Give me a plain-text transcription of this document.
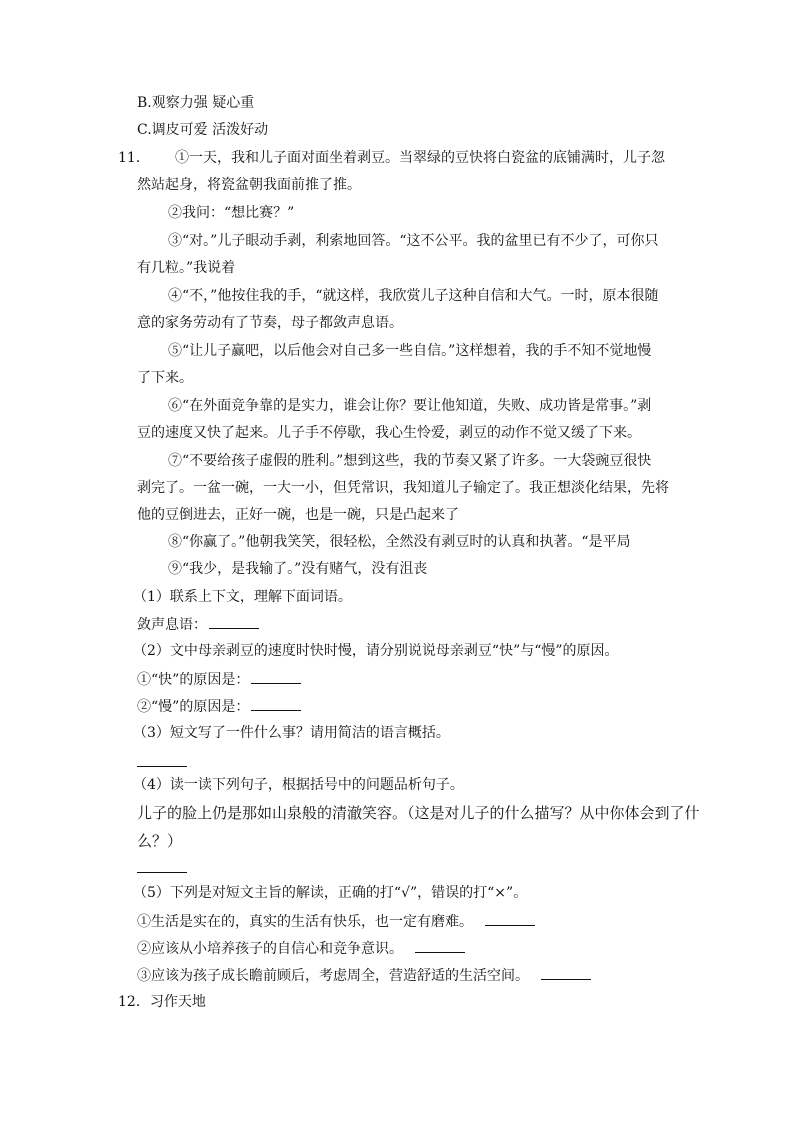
B.观察力强 疑心重
C.调皮可爱 活泼好动
11． ①一天，我和儿子面对面坐着剥豆。当翠绿的豆快将白瓷盆的底铺满时，儿子忽
然站起身，将瓷盆朝我面前推了推。
②我问：“想比赛？”
③“对。”儿子眼动手剥，利索地回答。“这不公平。我的盆里已有不少了，可你只
有几粒。”我说着
④“不，”他按住我的手，“就这样，我欣赏儿子这种自信和大气。一时，原本很随
意的家务劳动有了节奏，母子都敛声息语。
⑤“让儿子赢吧，以后他会对自己多一些自信。”这样想着，我的手不知不觉地慢
了下来。
⑥“在外面竞争靠的是实力，谁会让你？要让他知道，失败、成功皆是常事。”剥
豆的速度又快了起来。儿子手不停歇，我心生怜爱，剥豆的动作不觉又缓了下来。
⑦“不要给孩子虚假的胜利。”想到这些，我的节奏又紧了许多。一大袋豌豆很快
剥完了。一盆一碗，一大一小，但凭常识，我知道儿子输定了。我正想淡化结果，先将
他的豆倒进去，正好一碗，也是一碗，只是凸起来了
⑧“你赢了。”他朝我笑笑，很轻松，全然没有剥豆时的认真和执著。“是平局
⑨“我少，是我输了。”没有赌气，没有沮丧
（1）联系上下文，理解下面词语。
敛声息语：
（2）文中母亲剥豆的速度时快时慢，请分别说说母亲剥豆“快”与“慢”的原因。
①“快”的原因是：
②“慢”的原因是：
（3）短文写了一件什么事？请用简洁的语言概括。
（4）读一读下列句子，根据括号中的问题品析句子。
儿子的脸上仍是那如山泉般的清澈笑容。（这是对儿子的什么描写？从中你体会到了什
么？）
（5）下列是对短文主旨的解读，正确的打“√”，错误的打“×”。
①生活是实在的，真实的生活有快乐，也一定有磨难。
②应该从小培养孩子的自信心和竞争意识。
③应该为孩子成长瞻前顾后，考虑周全，营造舒适的生活空间。
12．习作天地
